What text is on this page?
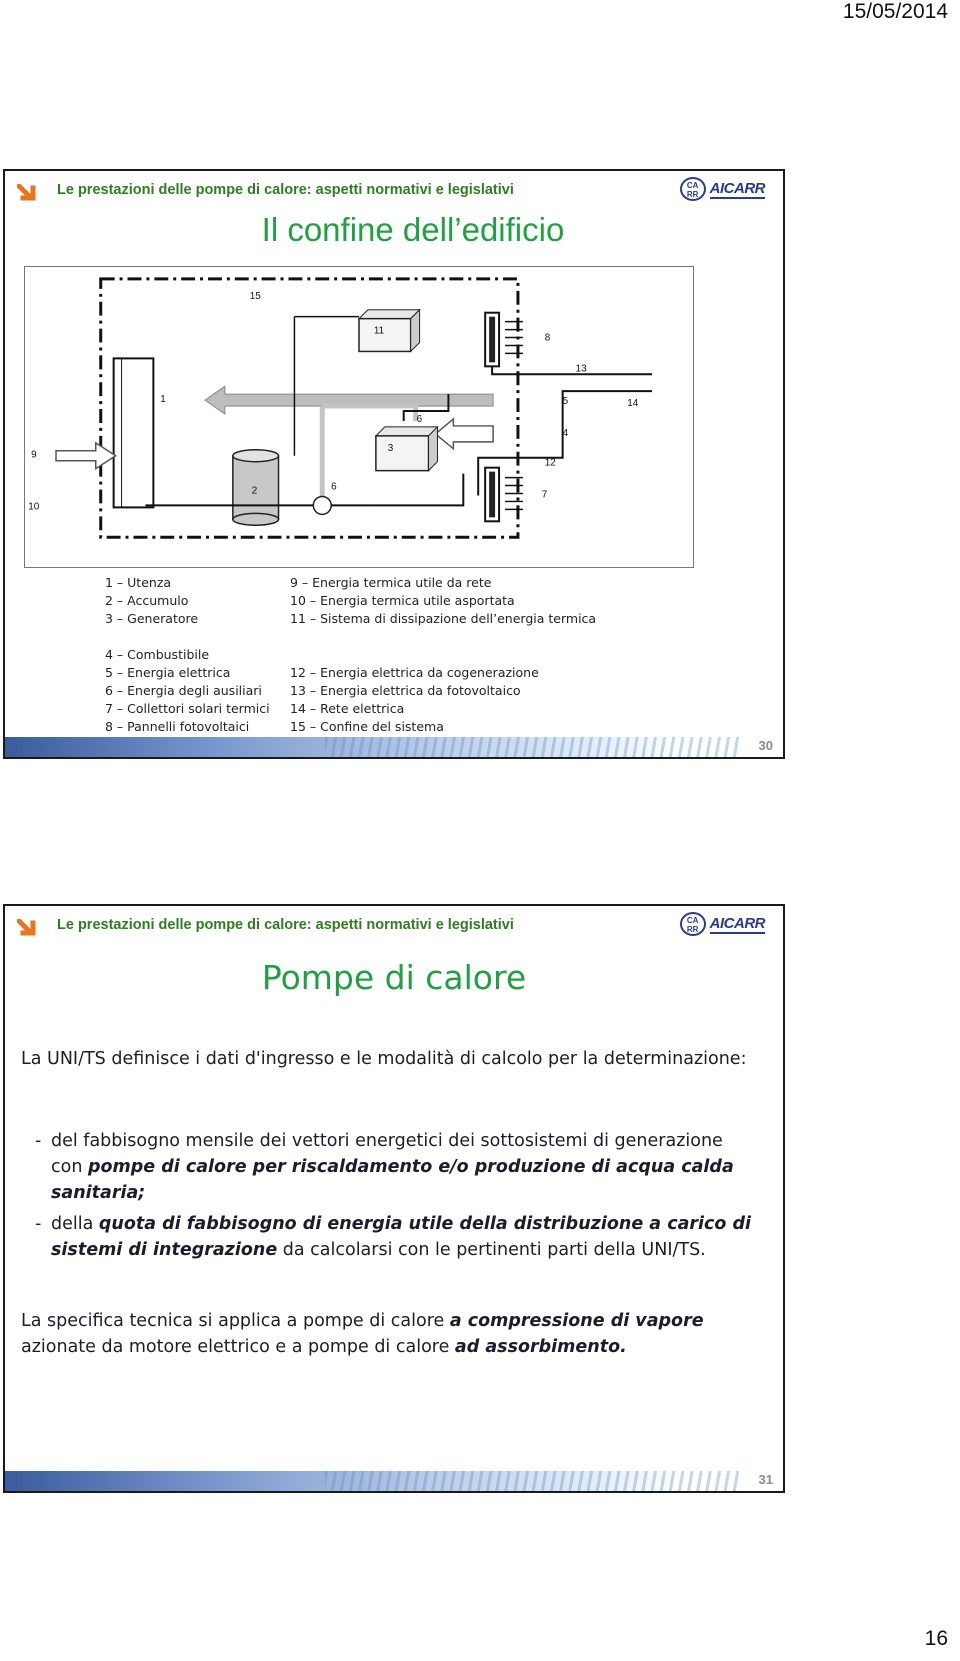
15/05/2014
Le prestazioni delle pompe di calore: aspetti normativi e legislativi	CA RR AICARR
Il confine dell’edificio
1
2
3
4
5
6
6
7
8
9
10
11
12
13
14
15
1 – Utenza	9 – Energia termica utile da rete
2 – Accumulo	10 – Energia termica utile asportata
3 – Generatore	11 – Sistema di dissipazione dell’energia termica
4 – Combustibile
5 – Energia elettrica	12 – Energia elettrica da cogenerazione
6 – Energia degli ausiliari	13 – Energia elettrica da fotovoltaico
7 – Collettori solari termici	14 – Rete elettrica
8 – Pannelli fotovoltaici	15 – Confine del sistema
30
Le prestazioni delle pompe di calore: aspetti normativi e legislativi	CA RR AICARR
Pompe di calore
La UNI/TS definisce i dati d'ingresso e le modalità di calcolo per la determinazione:
- del fabbisogno mensile dei vettori energetici dei sottosistemi di generazione con pompe di calore per riscaldamento e/o produzione di acqua calda sanitaria;
- della quota di fabbisogno di energia utile della distribuzione a carico di sistemi di integrazione da calcolarsi con le pertinenti parti della UNI/TS.
La specifica tecnica si applica a pompe di calore a compressione di vapore azionate da motore elettrico e a pompe di calore ad assorbimento.
31
16
